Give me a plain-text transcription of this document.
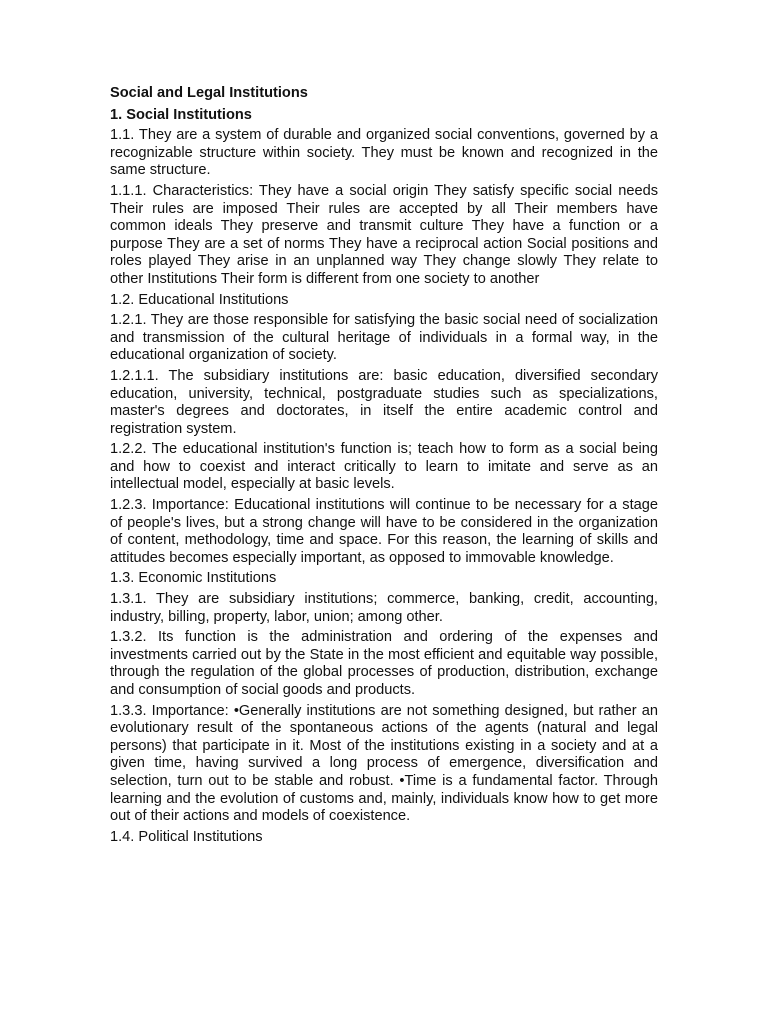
Social and Legal Institutions
1. Social Institutions
1.1. They are a system of durable and organized social conventions, governed by a recognizable structure within society. They must be known and recognized in the same structure.
1.1.1. Characteristics: They have a social origin They satisfy specific social needs Their rules are imposed Their rules are accepted by all Their members have common ideals They preserve and transmit culture They have a function or a purpose They are a set of norms They have a reciprocal action Social positions and roles played They arise in an unplanned way They change slowly They relate to other Institutions Their form is different from one society to another
1.2. Educational Institutions
1.2.1. They are those responsible for satisfying the basic social need of socialization and transmission of the cultural heritage of individuals in a formal way, in the educational organization of society.
1.2.1.1. The subsidiary institutions are: basic education, diversified secondary education, university, technical, postgraduate studies such as specializations, master's degrees and doctorates, in itself the entire academic control and registration system.
1.2.2. The educational institution's function is; teach how to form as a social being and how to coexist and interact critically to learn to imitate and serve as an intellectual model, especially at basic levels.
1.2.3. Importance: Educational institutions will continue to be necessary for a stage of people's lives, but a strong change will have to be considered in the organization of content, methodology, time and space. For this reason, the learning of skills and attitudes becomes especially important, as opposed to immovable knowledge.
1.3. Economic Institutions
1.3.1. They are subsidiary institutions; commerce, banking, credit, accounting, industry, billing, property, labor, union; among other.
1.3.2. Its function is the administration and ordering of the expenses and investments carried out by the State in the most efficient and equitable way possible, through the regulation of the global processes of production, distribution, exchange and consumption of social goods and products.
1.3.3. Importance: •Generally institutions are not something designed, but rather an evolutionary result of the spontaneous actions of the agents (natural and legal persons) that participate in it. Most of the institutions existing in a society and at a given time, having survived a long process of emergence, diversification and selection, turn out to be stable and robust. •Time is a fundamental factor. Through learning and the evolution of customs and, mainly, individuals know how to get more out of their actions and models of coexistence.
1.4. Political Institutions
